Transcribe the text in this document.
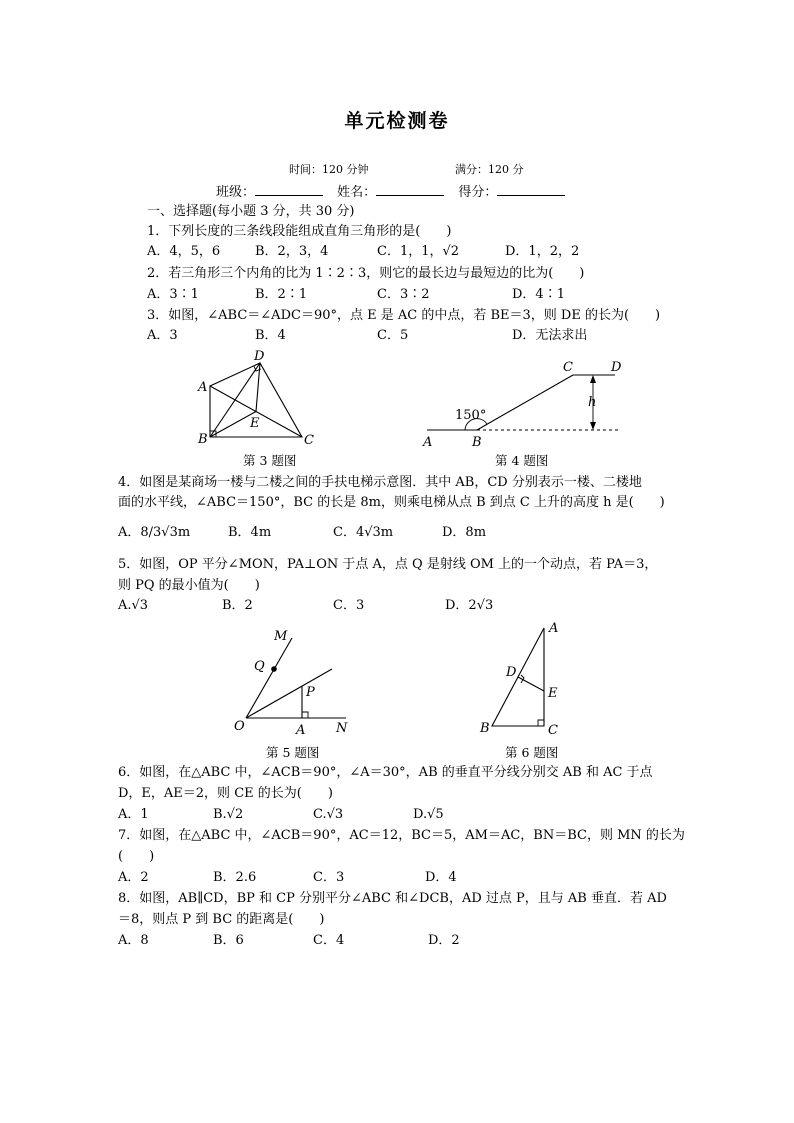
单元检测卷
时间：120 分钟	满分：120 分
班级：	姓名：	得分：
一、选择题(每小题 3 分，共 30 分)
1．下列长度的三条线段能组成直角三角形的是(　　)
A．4，5，6	B．2，3，4	C．1，1，√2	D．1，2，2
2．若三角形三个内角的比为 1∶2∶3，则它的最长边与最短边的比为(　　)
A．3∶1	B．2∶1	C．3∶2	D．4∶1
3．如图，∠ABC＝∠ADC＝90°，点 E 是 AC 的中点，若 BE＝3，则 DE 的长为(　　)
A．3	B．4	C．5	D．无法求出
D
A
E
B	C
第 3 题图
C	D
150°
h
A	B
第 4 题图
4．如图是某商场一楼与二楼之间的手扶电梯示意图．其中 AB，CD 分别表示一楼、二楼地
面的水平线，∠ABC＝150°，BC 的长是 8m，则乘电梯从点 B 到点 C 上升的高度 h 是(　　)
A．8/3√3m	B．4m	C．4√3m	D．8m
5．如图，OP 平分∠MON，PA⊥ON 于点 A，点 Q 是射线 OM 上的一个动点，若 PA＝3，
则 PQ 的最小值为(　　)
A.√3	B．2	C．3	D．2√3
M
Q
P
O	A N
第 5 题图
A
D
E
B	C
第 6 题图
6．如图，在△ABC 中，∠ACB＝90°，∠A＝30°，AB 的垂直平分线分别交 AB 和 AC 于点
D，E，AE＝2，则 CE 的长为(　　)
A．1	B.√2	C.√3	D.√5
7．如图，在△ABC 中，∠ACB＝90°，AC＝12，BC＝5，AM＝AC，BN＝BC，则 MN 的长为
(　　)
A．2	B．2.6	C．3	D．4
8．如图，AB∥CD，BP 和 CP 分别平分∠ABC 和∠DCB，AD 过点 P，且与 AB 垂直．若 AD
＝8，则点 P 到 BC 的距离是(　　)
A．8	B．6	C．4	D．2
